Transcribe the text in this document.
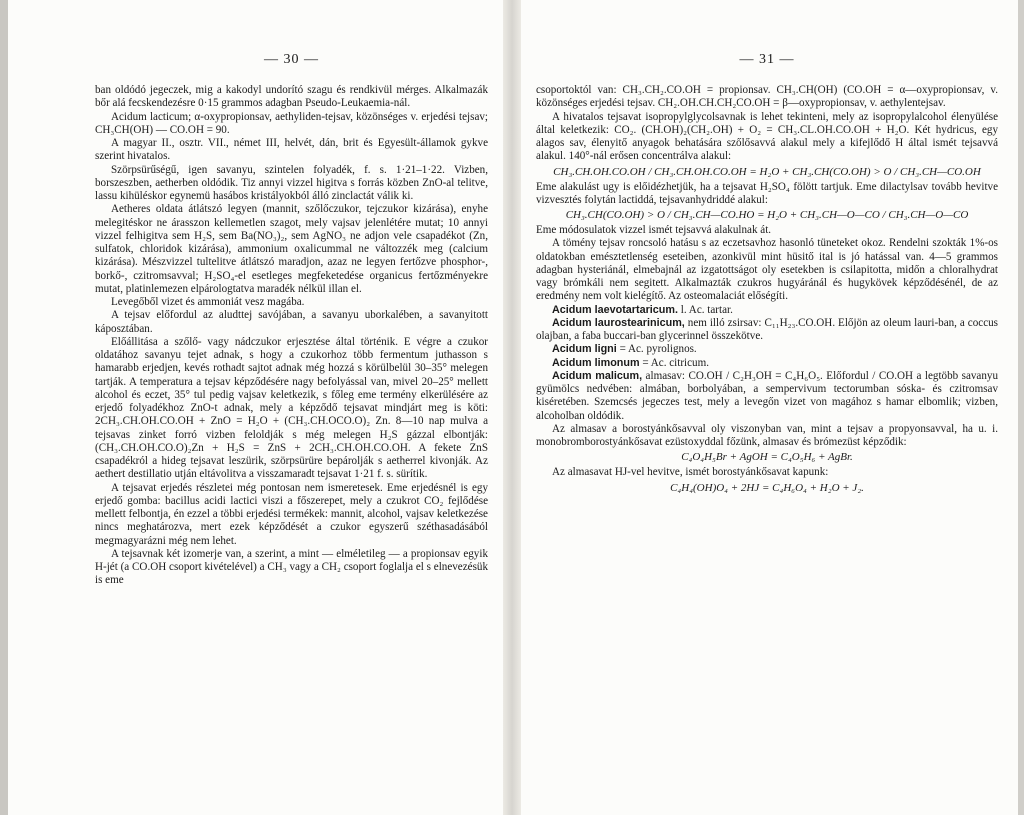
— 30 —

ban oldódó jegeczek, mig a kakodyl undorító szagu és rendkivül mérges. Alkalmazák bőr alá fecskendezésre 0·15 grammos adagban Pseudo-Leukaemia-nál.

Acidum lacticum; α-oxypropionsav, aethyliden-tejsav, közönséges v. erjedési tejsav; CH₃CH(OH) — CO.OH = 90.

A magyar II., osztr. VII., német III, helvét, dán, brit és Egyesült-államok gykve szerint hivatalos.

Szörpsürűségű, igen savanyu, szintelen folyadék, f. s. 1·21–1·22. Vizben, borszeszben, aetherben oldódik. Tiz annyi vizzel higitva s forrás közben ZnO-al telitve, lassu kihüléskor egynemü hasábos kristályokból álló zinclactát válik ki.

Aetheres oldata átlátszó legyen (mannit, szőlőczukor, tejczukor kizárása), enyhe melegitéskor ne árasszon kellemetlen szagot, mely vajsav jelenlétére mutat; 10 annyi vizzel felhigitva sem H₂S, sem Ba(NO₃)₂, sem AgNO₃ ne adjon vele csapadékot (Zn, sulfatok, chloridok kizárása), ammonium oxalicummal ne változzék meg (calcium kizárása). Mészvizzel tultelitve átlátszó maradjon, azaz ne legyen fertőzve phosphor-, borkő-, czitromsavval; H₂SO₄-el esetleges megfeketedése organicus fertőzményekre mutat, platinlemezen elpárologtatva maradék nélkül illan el.

Levegőből vizet és ammoniát vesz magába.

A tejsav előfordul az aludttej savójában, a savanyu uborkalében, a savanyitott káposztában.

Előállitása a szőlő- vagy nádczukor erjesztése által történik. E végre a czukor oldatához savanyu tejet adnak, s hogy a czukorhoz több fermentum juthasson s hamarabb erjedjen, kevés rothadt sajtot adnak még hozzá s körülbelül 30–35° melegen tartják. A temperatura a tejsav képződésére nagy befolyással van, mivel 20–25° mellett alcohol és eczet, 35° tul pedig vajsav keletkezik, s főleg eme termény elkerülésére az erjedő folyadékhoz ZnO-t adnak, mely a képződő tejsavat mindjárt meg is köti: 2CH₃.CH.OH.CO.OH + ZnO = H₂O + (CH₃.CH.OCO.O)₂ Zn. 8—10 nap mulva a tejsavas zinket forró vizben feloldják s még melegen H₂S gázzal elbontják: (CH₃.CH.OH.CO.O)₂Zn + H₂S = ZnS + 2CH₃.CH.OH.CO.OH. A fekete ZnS csapadékról a hideg tejsavat leszürik, szörpsürüre bepárolják s aetherrel kivonják. Az aethert destillatio utján eltávolitva a visszamaradt tejsavat 1·21 f. s. sürítik.

A tejsavat erjedés részletei még pontosan nem ismeretesek. Eme erjedésnél is egy erjedő gomba: bacillus acidi lactici viszi a főszerepet, mely a czukrot CO₂ fejlődése mellett felbontja, én ezzel a többi erjedési termékek: mannit, alcohol, vajsav keletkezése nincs meghatározva, mert ezek képződését a czukor egyszerű széthasadásából megmagyarázni még nem lehet.

A tejsavnak két izomerje van, a szerint, a mint — elméletileg — a propionsav egyik H-jét (a CO.OH csoport kivételével) a CH₃ vagy a CH₂ csoport foglalja el s elnevezésük is eme

— 31 —

csoportoktól van: CH₃.CH₂.CO.OH = propionsav. CH₃.CH(OH) (CO.OH = α—oxypropionsav, v. közönséges erjedési tejsav. CH₂.OH.CH.CH₂CO.OH = β—oxypropionsav, v. aethylentejsav.

A hivatalos tejsavat isopropylglycolsavnak is lehet tekinteni, mely az isopropylalcohol élenyülése által keletkezik: CO₂. (CH.OH)₂(CH₂.OH) + O₂ = CH₃.CL.OH.CO.OH + H₂O. Két hydricus, egy alagos sav, élenyitő anyagok behatására szőlősavvá alakul mely a kifejlődő H által ismét tejsavvá alakul. 140°-nál erősen concentrálva alakul:

CH₃.CH.OH.CO.OH / CH₃.CH.OH.CO.OH = H₂O + CH₃.CH(CO.OH) > O / CH₃.CH—CO.OH

Eme alakulást ugy is előidézhetjük, ha a tejsavat H₂SO₄ fölött tartjuk. Eme dilactylsav tovább hevitve vizvesztés folytán lactiddá, tejsavanhydriddé alakul:

CH₃.CH(CO.OH) > O / CH₃.CH—CO.HO = H₂O + CH₃.CH—O—CO / CH₃.CH—O—CO

Eme módosulatok vizzel ismét tejsavvá alakulnak át.

A tömény tejsav roncsoló hatásu s az eczetsavhoz hasonló tüneteket okoz. Rendelni szokták 1%-os oldatokban emésztetlenség eseteiben, azonkivül mint hüsitő ital is jó hatással van. 4—5 grammos adagban hysteriánál, elmebajnál az izgatottságot oly esetekben is csilapitotta, midőn a chloralhydrat vagy brómkáli nem segitett. Alkalmazták czukros hugyáránál és hugykövek képződésénél, de az eredmény nem volt kielégítő. Az osteomalaciát előségíti.

Acidum laevotartaricum. l. Ac. tartar.

Acidum laurostearinicum, nem illó zsirsav: C₁₁H₂₃.CO.OH. Előjön az oleum lauri-ban, a coccus olajban, a faba buccari-ban glycerinnel összekötve.

Acidum ligni = Ac. pyrolignos.

Acidum limonum = Ac. citricum.

Acidum malicum, almasav: CO.OH / C₂H₃OH = C₄H₆O₅. Előfordul / CO.OH a legtöbb savanyu gyümölcs nedvében: almában, borbolyában, a sempervivum tectorumban sóska- és czitromsav kiséretében. Szemcsés jegeczes test, mely a levegőn vizet von magához s hamar elbomlik; vizben, alcoholban oldódik.

Az almasav a borostyánkősavval oly viszonyban van, mint a tejsav a propyonsavval, ha u. i. monobromborostyánkősavat ezüstoxyddal főzünk, almasav és brómezüst képződik:

C₄O₄H₅Br + AgOH = C₄O₅H₆ + AgBr.

Az almasavat HJ-vel hevitve, ismét borostyánkősavat kapunk:

C₄H₄(OH)O₄ + 2HJ = C₄H₆O₄ + H₂O + J₂.
